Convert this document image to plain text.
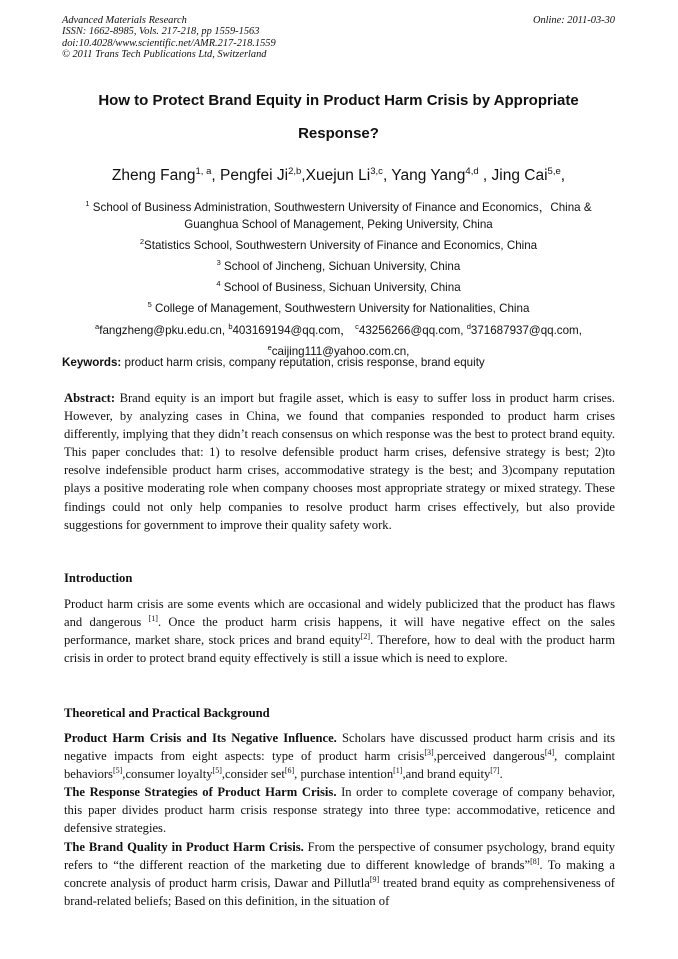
Advanced Materials Research
ISSN: 1662-8985, Vols. 217-218, pp 1559-1563
doi:10.4028/www.scientific.net/AMR.217-218.1559
© 2011 Trans Tech Publications Ltd, Switzerland
Online: 2011-03-30
How to Protect Brand Equity in Product Harm Crisis by Appropriate
Response?
Zheng Fang$^{1, a}$, Pengfei Ji$^{2,b}$,Xuejun Li$^{3,c}$, Yang Yang$^{4,d}$ , Jing Cai$^{5,e}$,
$^1$ School of Business Administration, Southwestern University of Finance and Economics，China & Guanghua School of Management, Peking University, China
$^2$Statistics School, Southwestern University of Finance and Economics, China
$^3$ School of Jincheng, Sichuan University, China
$^4$ School of Business, Sichuan University, China
$^5$ College of Management, Southwestern University for Nationalities, China
$^a$fangzheng@pku.edu.cn, $^b$403169194@qq.com， $^c$43256266@qq.com, $^d$371687937@qq.com,
$^e$caijing111@yahoo.com.cn,
Keywords: product harm crisis, company reputation, crisis response, brand equity
Abstract: Brand equity is an import but fragile asset, which is easy to suffer loss in product harm crises. However, by analyzing cases in China, we found that companies responded to product harm crises differently, implying that they didn’t reach consensus on which response was the best to protect brand equity. This paper concludes that: 1) to resolve defensible product harm crises, defensive strategy is best; 2)to resolve indefensible product harm crises, accommodative strategy is the best; and 3)company reputation plays a positive moderating role when company chooses most appropriate strategy or mixed strategy. These findings could not only help companies to resolve product harm crises effectively, but also provide suggestions for government to improve their quality safety work.
Introduction
Product harm crisis are some events which are occasional and widely publicized that the product has flaws and dangerous [1]. Once the product harm crisis happens, it will have negative effect on the sales performance, market share, stock prices and brand equity[2]. Therefore, how to deal with the product harm crisis in order to protect brand equity effectively is still a issue which is need to explore.
Theoretical and Practical Background
Product Harm Crisis and Its Negative Influence. Scholars have discussed product harm crisis and its negative impacts from eight aspects: type of product harm crisis[3],perceived dangerous[4], complaint behaviors[5],consumer loyalty[5],consider set[6], purchase intention[1],and brand equity[7].
The Response Strategies of Product Harm Crisis. In order to complete coverage of company behavior, this paper divides product harm crisis response strategy into three type: accommodative, reticence and defensive strategies.
The Brand Quality in Product Harm Crisis. From the perspective of consumer psychology, brand equity refers to “the different reaction of the marketing due to different knowledge of brands”[8]. To making a concrete analysis of product harm crisis, Dawar and Pillutla[9] treated brand equity as comprehensiveness of brand-related beliefs; Based on this definition, in the situation of
